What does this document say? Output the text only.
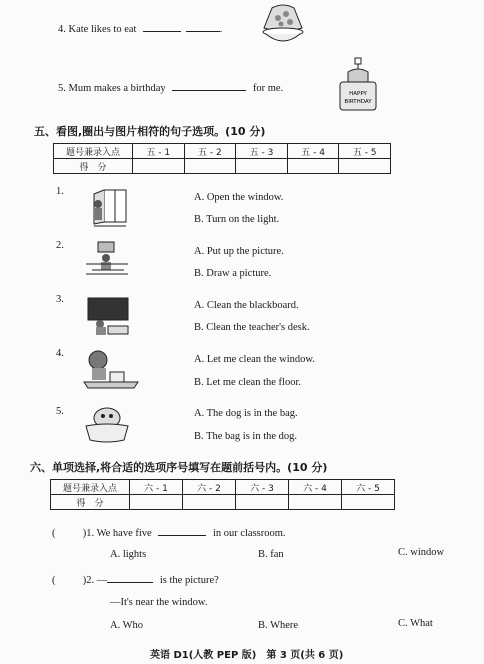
4. Kate likes to eat	.
5. Mum makes a birthday	for me.	HAPPY
BIRTHDAY
五、看图,圈出与图片相符的句子选项。(10 分)
题号兼录入点	五 - 1	五 - 2	五 - 3	五 - 4	五 - 5
得　分					
1.
A. Open the window.
B. Turn on the light.
2.
A. Put up the picture.
B. Draw a picture.
3.
A. Clean the blackboard.
B. Clean the teacher's desk.
4.
A. Let me clean the window.
B. Let me clean the floor.
5.	A. The dog is in the bag.
B. The bag is in the dog.
六、单项选择,将合适的选项序号填写在题前括号内。(10 分)
题号兼录入点	六 - 1	六 - 2	六 - 3	六 - 4	六 - 5
得　分					
(	)1. We have five	in our classroom.
A. lights	B. fan	C. window
(	)2. —	is the picture?
—It's near the window.
A. Who	B. Where	C. What
英语 D1(人教 PEP 版)　第 3 页(共 6 页)
